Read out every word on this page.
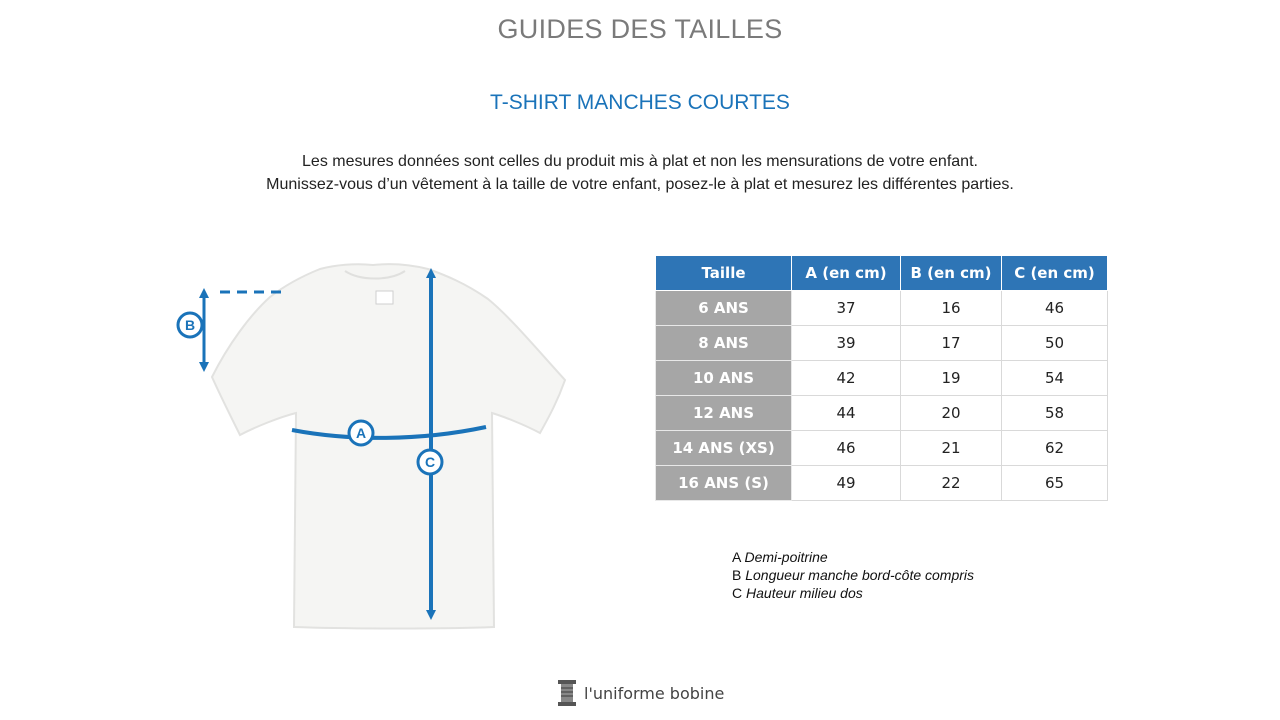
GUIDES DES TAILLES
T-SHIRT MANCHES COURTES
Les mesures données sont celles du produit mis à plat et non les mensurations de votre enfant.
Munissez-vous d’un vêtement à la taille de votre enfant, posez-le à plat et mesurez les différentes parties.
B
A
C
Taille	A (en cm)	B (en cm)	C (en cm)
6 ANS	37	16	46
8 ANS	39	17	50
10 ANS	42	19	54
12 ANS	44	20	58
14 ANS (XS)	46	21	62
16 ANS (S)	49	22	65
A Demi-poitrine
B Longueur manche bord-côte compris
C Hauteur milieu dos
l'uniforme bobine
